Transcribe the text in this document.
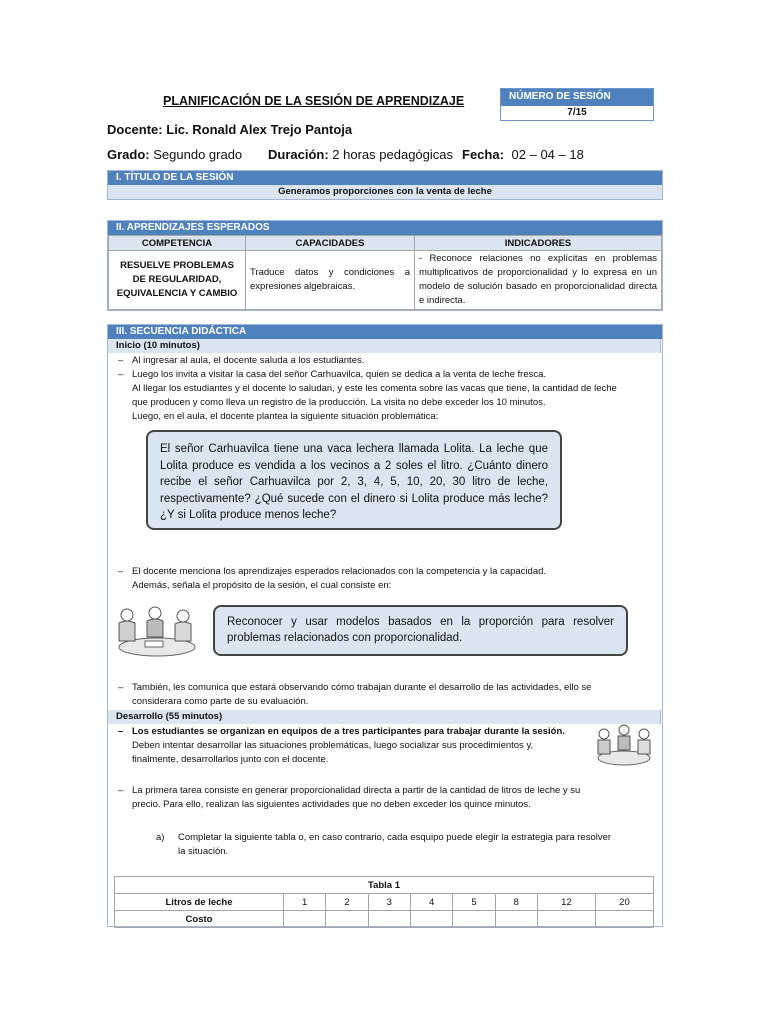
PLANIFICACIÓN DE LA SESIÓN DE APRENDIZAJE	NÚMERO DE SESIÓN
7/15
Docente: Lic. Ronald Alex Trejo Pantoja
Grado: Segundo grado Duración: 2 horas pedagógicas Fecha: 02 – 04 – 18
I. TÍTULO DE LA SESIÓN
Generamos proporciones con la venta de leche
II. APRENDIZAJES ESPERADOS
COMPETENCIA	CAPACIDADES	INDICADORES
RESUELVE PROBLEMAS DE REGULARIDAD, EQUIVALENCIA Y CAMBIO	Traduce datos y condiciones a expresiones algebraicas.	- Reconoce relaciones no explícitas en problemas multiplicativos de proporcionalidad y lo expresa en un modelo de solución basado en proporcionalidad directa e indirecta.
III. SECUENCIA DIDÁCTICA
Inicio (10 minutos)
– Al ingresar al aula, el docente saluda a los estudiantes.
– Luego los invita a visitar la casa del señor Carhuavilca, quien se dedica a la venta de leche fresca.
Al llegar los estudiantes y el docente lo saludan, y este les comenta sobre las vacas que tiene, la cantidad de leche
que producen y como lleva un registro de la producción. La visita no debe exceder los 10 minutos.
Luego, en el aula, el docente plantea la siguiente situación problemática:
El señor Carhuavilca tiene una vaca lechera llamada Lolita. La leche que Lolita produce es vendida a los vecinos a 2 soles el litro. ¿Cuánto dinero recibe el señor Carhuavilca por 2, 3, 4, 5, 10, 20, 30 litro de leche, respectivamente? ¿Qué sucede con el dinero si Lolita produce más leche? ¿Y si Lolita produce menos leche?
– El docente menciona los aprendizajes esperados relacionados con la competencia y la capacidad.
Además, señala el propósito de la sesión, el cual consiste en:
Reconocer y usar modelos basados en la proporción para resolver problemas relacionados con proporcionalidad.
– También, les comunica que estará observando cómo trabajan durante el desarrollo de las actividades, ello se
considerara como parte de su evaluación.
Desarrollo (55 minutos)
– Los estudiantes se organizan en equipos de a tres participantes para trabajar durante la sesión.
Deben intentar desarrollar las situaciones problemáticas, luego socializar sus procedimientos y,
finalmente, desarrollarlos junto con el docente.
– La primera tarea consiste en generar proporcionalidad directa a partir de la cantidad de litros de leche y su
precio. Para ello, realizan las siguientes actividades que no deben exceder los quince minutos.
a) Completar la siguiente tabla o, en caso contrario, cada esquipo puede elegir la estrategia para resolver
la situación.
Tabla 1								
Litros de leche	1	2	3	4	5	8	12	20
Costo								
